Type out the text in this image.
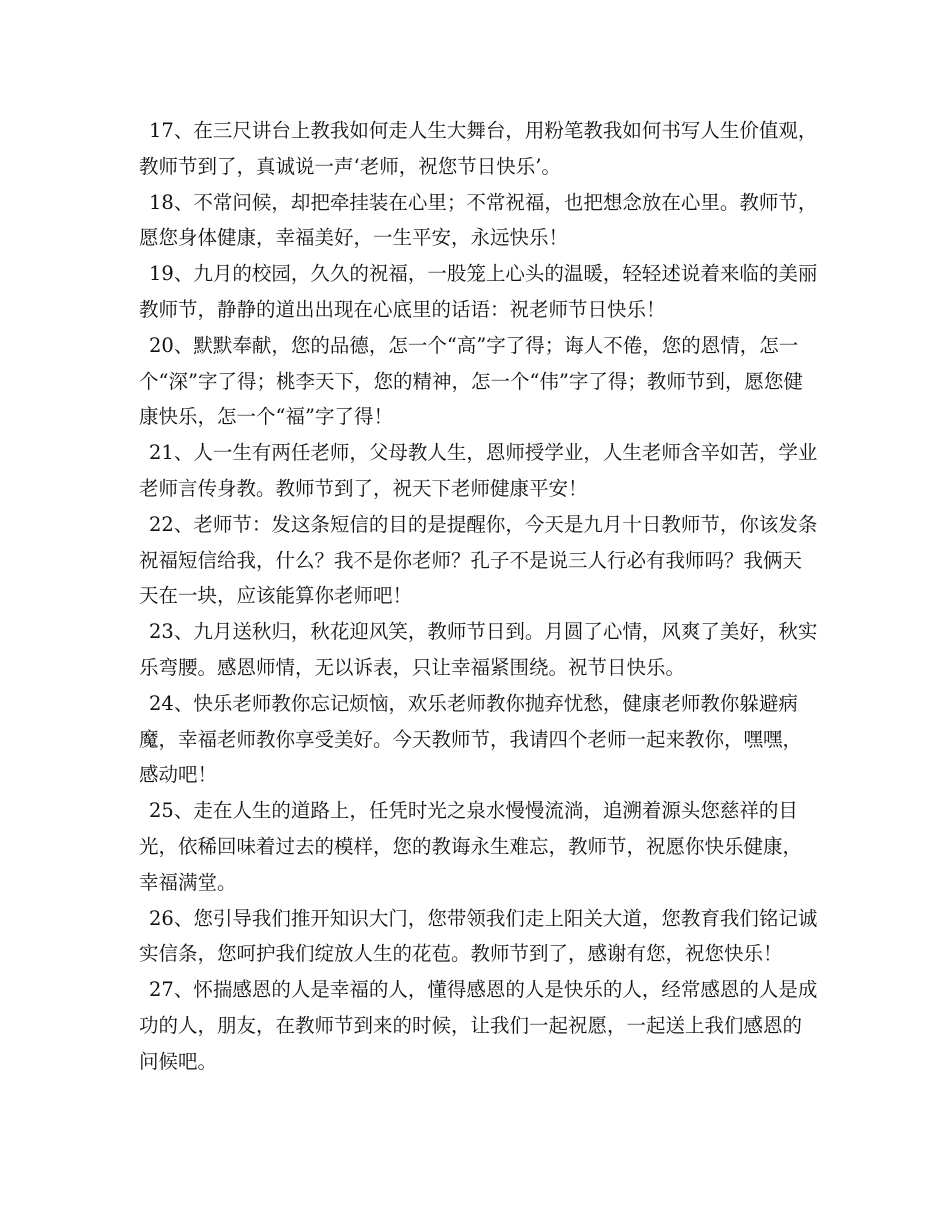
17、在三尺讲台上教我如何走人生大舞台，用粉笔教我如何书写人生价值观，教师节到了，真诚说一声‘老师，祝您节日快乐’。

18、不常问候，却把牵挂装在心里；不常祝福，也把想念放在心里。教师节，愿您身体健康，幸福美好，一生平安，永远快乐！

19、九月的校园，久久的祝福，一股笼上心头的温暖，轻轻述说着来临的美丽教师节，静静的道出出现在心底里的话语：祝老师节日快乐！

20、默默奉献，您的品德，怎一个“高”字了得；诲人不倦，您的恩情，怎一个“深”字了得；桃李天下，您的精神，怎一个“伟”字了得；教师节到，愿您健康快乐，怎一个“福”字了得！

21、人一生有两任老师，父母教人生，恩师授学业，人生老师含辛如苦，学业老师言传身教。教师节到了，祝天下老师健康平安！

22、老师节：发这条短信的目的是提醒你，今天是九月十日教师节，你该发条祝福短信给我，什么？我不是你老师？孔子不是说三人行必有我师吗？我俩天天在一块，应该能算你老师吧！

23、九月送秋归，秋花迎风笑，教师节日到。月圆了心情，风爽了美好，秋实乐弯腰。感恩师情，无以诉表，只让幸福紧围绕。祝节日快乐。

24、快乐老师教你忘记烦恼，欢乐老师教你抛弃忧愁，健康老师教你躲避病魔，幸福老师教你享受美好。今天教师节，我请四个老师一起来教你，嘿嘿，感动吧！

25、走在人生的道路上，任凭时光之泉水慢慢流淌，追溯着源头您慈祥的目光，依稀回味着过去的模样，您的教诲永生难忘，教师节，祝愿你快乐健康，幸福满堂。

26、您引导我们推开知识大门，您带领我们走上阳关大道，您教育我们铭记诚实信条，您呵护我们绽放人生的花苞。教师节到了，感谢有您，祝您快乐！

27、怀揣感恩的人是幸福的人，懂得感恩的人是快乐的人，经常感恩的人是成功的人，朋友，在教师节到来的时候，让我们一起祝愿，一起送上我们感恩的问候吧。
